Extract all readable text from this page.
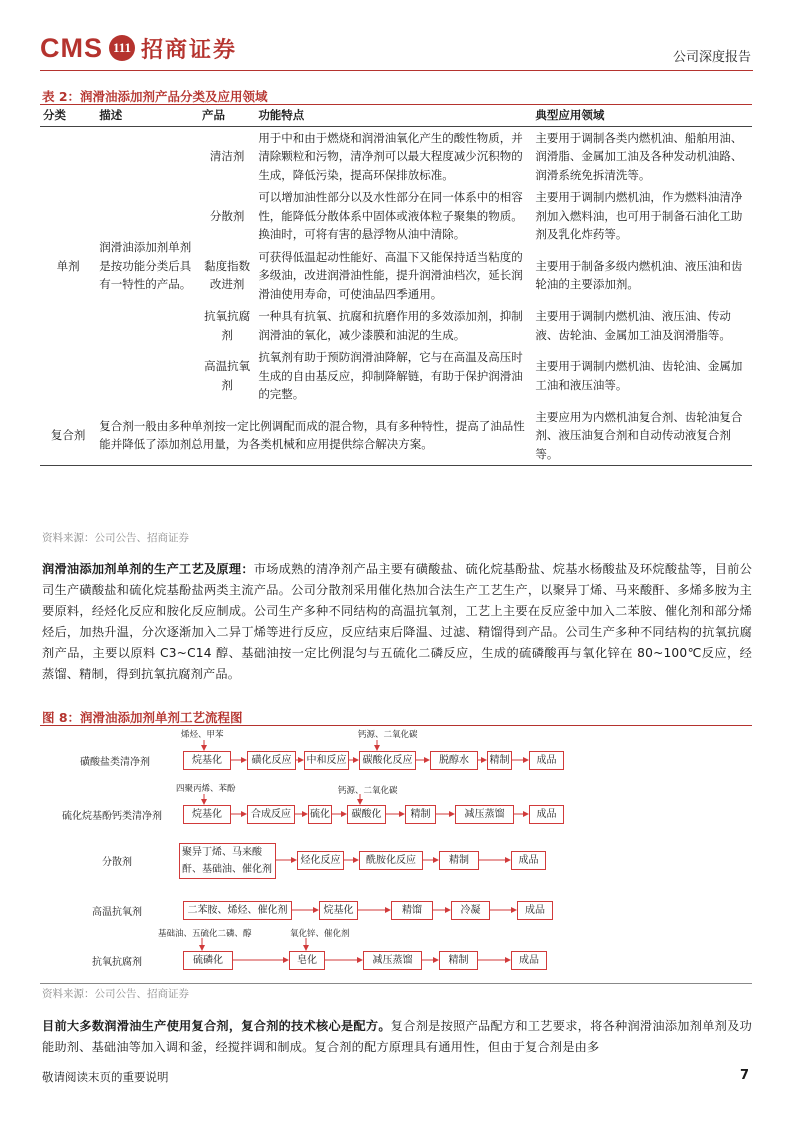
CMS 111 招商证券	公司深度报告
表 2：润滑油添加剂产品分类及应用领域
分类	描述	产品	功能特点	典型应用领域
单剂	润滑油添加剂单剂是按功能分类后具有一特性的产品。	清洁剂	用于中和由于燃烧和润滑油氧化产生的酸性物质，并清除颗粒和污物，清净剂可以最大程度减少沉积物的生成，降低污染，提高环保排放标准。	主要用于调制各类内燃机油、船舶用油、润滑脂、金属加工油及各种发动机油路、润滑系统免拆清洗等。
		分散剂	可以增加油性部分以及水性部分在同一体系中的相容性，能降低分散体系中固体或液体粒子聚集的物质。换油时，可将有害的悬浮物从油中清除。	主要用于调制内燃机油，作为燃料油清净剂加入燃料油，也可用于制备石油化工助剂及乳化炸药等。
		黏度指数改进剂	可获得低温起动性能好、高温下又能保持适当粘度的多级油，改进润滑油性能，提升润滑油档次，延长润滑油使用寿命，可使油品四季通用。	主要用于制备多级内燃机油、液压油和齿轮油的主要添加剂。
		抗氧抗腐剂	一种具有抗氧、抗腐和抗磨作用的多效添加剂，抑制润滑油的氧化，减少漆膜和油泥的生成。	主要用于调制内燃机油、液压油、传动液、齿轮油、金属加工油及润滑脂等。
		高温抗氧剂	抗氧剂有助于预防润滑油降解，它与在高温及高压时生成的自由基反应，抑制降解链，有助于保护润滑油的完整。	主要用于调制内燃机油、齿轮油、金属加工油和液压油等。
复合剂	复合剂一般由多种单剂按一定比例调配而成的混合物，具有多种特性，提高了油品性能并降低了添加剂总用量，为各类机械和应用提供综合解决方案。			主要应用为内燃机油复合剂、齿轮油复合剂、液压油复合剂和自动传动液复合剂等。
资料来源：公司公告、招商证券
润滑油添加剂单剂的生产工艺及原理：市场成熟的清净剂产品主要有磺酸盐、硫化烷基酚盐、烷基水杨酸盐及环烷酸盐等，目前公司生产磺酸盐和硫化烷基酚盐两类主流产品。公司分散剂采用催化热加合法生产工艺生产，以聚异丁烯、马来酸酐、多烯多胺为主要原料，经烃化反应和胺化反应制成。公司生产多种不同结构的高温抗氧剂，工艺上主要在反应釜中加入二苯胺、催化剂和部分烯烃后，加热升温，分次逐渐加入二异丁烯等进行反应，反应结束后降温、过滤、精馏得到产品。公司生产多种不同结构的抗氧抗腐剂产品，主要以原料 C3~C14 醇、基础油按一定比例混匀与五硫化二磷反应，生成的硫磷酸再与氧化锌在 80~100℃反应，经蒸馏、精制，得到抗氧抗腐剂产品。
图 8：润滑油添加剂单剂工艺流程图
磺酸盐类清净剂
硫化烷基酚钙类清净剂
分散剂
高温抗氧剂
抗氧抗腐剂
烯烃、甲苯	钙源、二氧化碳
烷基化	磺化反应	中和反应	碳酸化反应	脱醇水	精制	成品
四聚丙烯、苯酚	钙源、二氧化碳
烷基化	合成反应	硫化	碳酸化	精制	减压蒸馏	成品
聚异丁烯、马来酸酐、基础油、催化剂
烃化反应	酰胺化反应	精制	成品
二苯胺、烯烃、催化剂	烷基化	精馏	冷凝	成品
基础油、五硫化二磷、醇	氧化锌、催化剂
硫磷化	皂化	减压蒸馏	精制	成品
资料来源：公司公告、招商证券
目前大多数润滑油生产使用复合剂，复合剂的技术核心是配方。复合剂是按照产品配方和工艺要求，将各种润滑油添加剂单剂及功能助剂、基础油等加入调和釜，经搅拌调和制成。复合剂的配方原理具有通用性，但由于复合剂是由多
敬请阅读末页的重要说明	7
